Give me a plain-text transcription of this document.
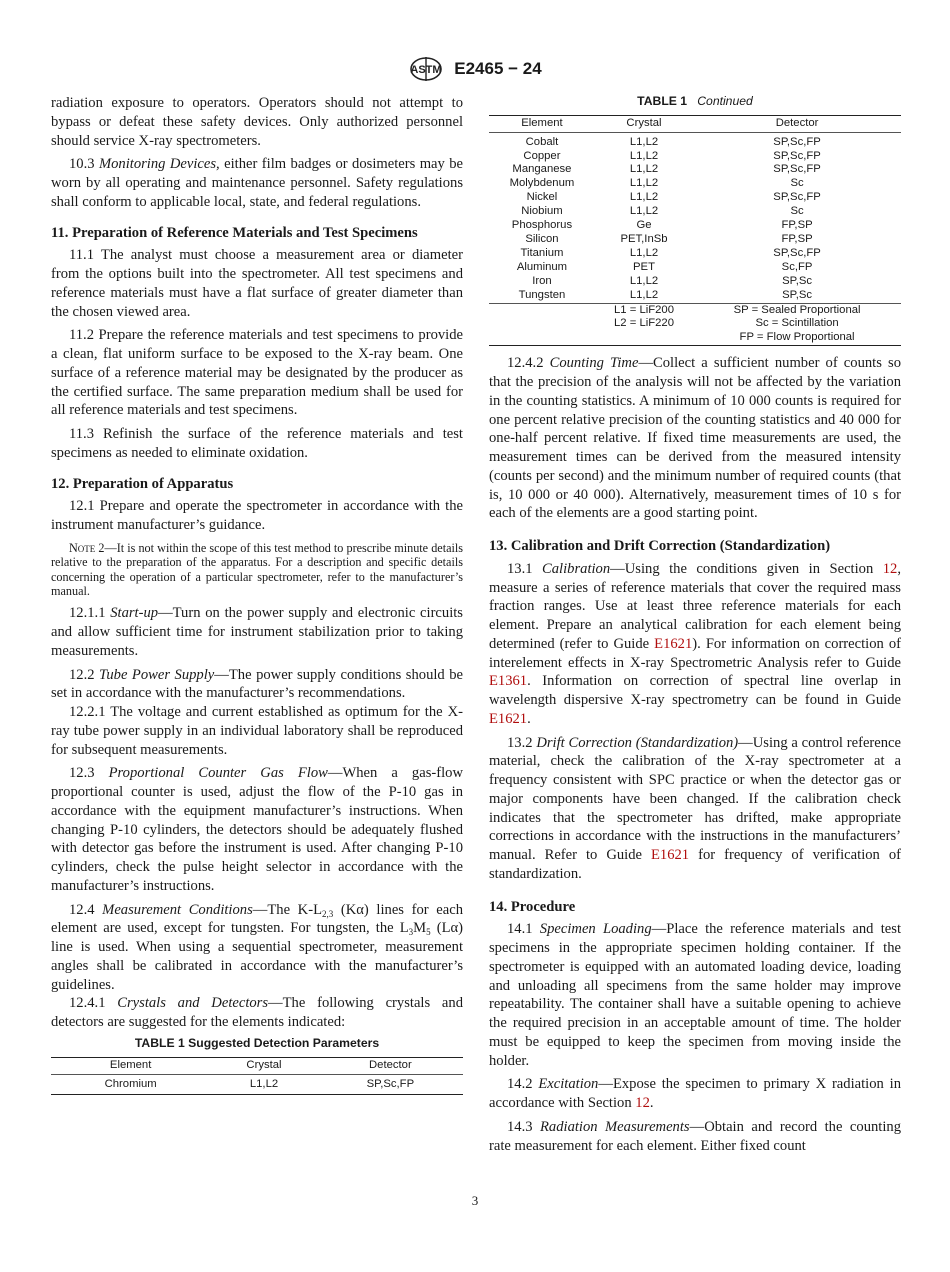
ASTM E2465 − 24

radiation exposure to operators. Operators should not attempt to bypass or defeat these safety devices. Only authorized personnel should service X-ray spectrometers.

10.3 Monitoring Devices, either film badges or dosimeters may be worn by all operating and maintenance personnel. Safety regulations shall conform to applicable local, state, and federal regulations.

11. Preparation of Reference Materials and Test Specimens

11.1 The analyst must choose a measurement area or diameter from the options built into the spectrometer. All test specimens and reference materials must have a flat surface of greater diameter than the chosen viewed area.

11.2 Prepare the reference materials and test specimens to provide a clean, flat uniform surface to be exposed to the X-ray beam. One surface of a reference material may be designated by the producer as the certified surface. The same preparation medium shall be used for all reference materials and test specimens.

11.3 Refinish the surface of the reference materials and test specimens as needed to eliminate oxidation.

12. Preparation of Apparatus

12.1 Prepare and operate the spectrometer in accordance with the instrument manufacturer’s guidance.

Note 2—It is not within the scope of this test method to prescribe minute details relative to the preparation of the apparatus. For a description and specific details concerning the operation of a particular spectrometer, refer to the manufacturer’s manual.

12.1.1 Start-up—Turn on the power supply and electronic circuits and allow sufficient time for instrument stabilization prior to taking measurements.

12.2 Tube Power Supply—The power supply conditions should be set in accordance with the manufacturer’s recommendations.

12.2.1 The voltage and current established as optimum for the X-ray tube power supply in an individual laboratory shall be reproduced for subsequent measurements.

12.3 Proportional Counter Gas Flow—When a gas-flow proportional counter is used, adjust the flow of the P-10 gas in accordance with the equipment manufacturer’s instructions. When changing P-10 cylinders, the detectors should be adequately flushed with detector gas before the instrument is used. After changing P-10 cylinders, check the pulse height selector in accordance with the manufacturer’s instructions.

12.4 Measurement Conditions—The $K-L_{2,3}$ (Kα) lines for each element are used, except for tungsten. For tungsten, the $L_3M_5$ (Lα) line is used. When using a sequential spectrometer, measurement angles shall be calibrated in accordance with the manufacturer’s guidelines.

12.4.1 Crystals and Detectors—The following crystals and detectors are suggested for the elements indicated:

TABLE 1 Suggested Detection Parameters
Element	Crystal	Detector
Chromium	L1,L2	SP,Sc,FP
TABLE 1 Continued
Element	Crystal	Detector
Cobalt	L1,L2	SP,Sc,FP
Copper	L1,L2	SP,Sc,FP
Manganese	L1,L2	SP,Sc,FP
Molybdenum	L1,L2	Sc
Nickel	L1,L2	SP,Sc,FP
Niobium	L1,L2	Sc
Phosphorus	Ge	FP,SP
Silicon	PET,InSb	FP,SP
Titanium	L1,L2	SP,Sc,FP
Aluminum	PET	Sc,FP
Iron	L1,L2	SP,Sc
Tungsten	L1,L2	SP,Sc
	L1 = LiF200	SP = Sealed Proportional
	L2 = LiF220	Sc = Scintillation
		FP = Flow Proportional

12.4.2 Counting Time—Collect a sufficient number of counts so that the precision of the analysis will not be affected by the variation in the counting statistics. A minimum of 10 000 counts is required for one percent relative precision of the counting statistics and 40 000 for one-half percent relative. If fixed time measurements are used, the measurement times can be derived from the measured intensity (counts per second) and the minimum number of required counts (that is, 10 000 or 40 000). Alternatively, measurement times of 10 s for each of the elements are a good starting point.

13. Calibration and Drift Correction (Standardization)

13.1 Calibration—Using the conditions given in Section 12, measure a series of reference materials that cover the required mass fraction ranges. Use at least three reference materials for each element. Prepare an analytical calibration for each element being determined (refer to Guide E1621). For information on correction of interelement effects in X-ray Spectrometric Analysis refer to Guide E1361. Information on correction of spectral line overlap in wavelength dispersive X-ray spectrometry can be found in Guide E1621.

13.2 Drift Correction (Standardization)—Using a control reference material, check the calibration of the X-ray spectrometer at a frequency consistent with SPC practice or when the detector gas or major components have been changed. If the calibration check indicates that the spectrometer has drifted, make appropriate corrections in accordance with the instructions in the manufacturers’ manual. Refer to Guide E1621 for frequency of verification of standardization.

14. Procedure

14.1 Specimen Loading—Place the reference materials and test specimens in the appropriate specimen holding container. If the spectrometer is equipped with an automated loading device, loading and unloading all specimens from the same holder may improve repeatability. The container shall have a suitable opening to achieve the required precision in an acceptable amount of time. The holder must be equipped to keep the specimen from moving inside the holder.

14.2 Excitation—Expose the specimen to primary X radiation in accordance with Section 12.

14.3 Radiation Measurements—Obtain and record the counting rate measurement for each element. Either fixed count

3
